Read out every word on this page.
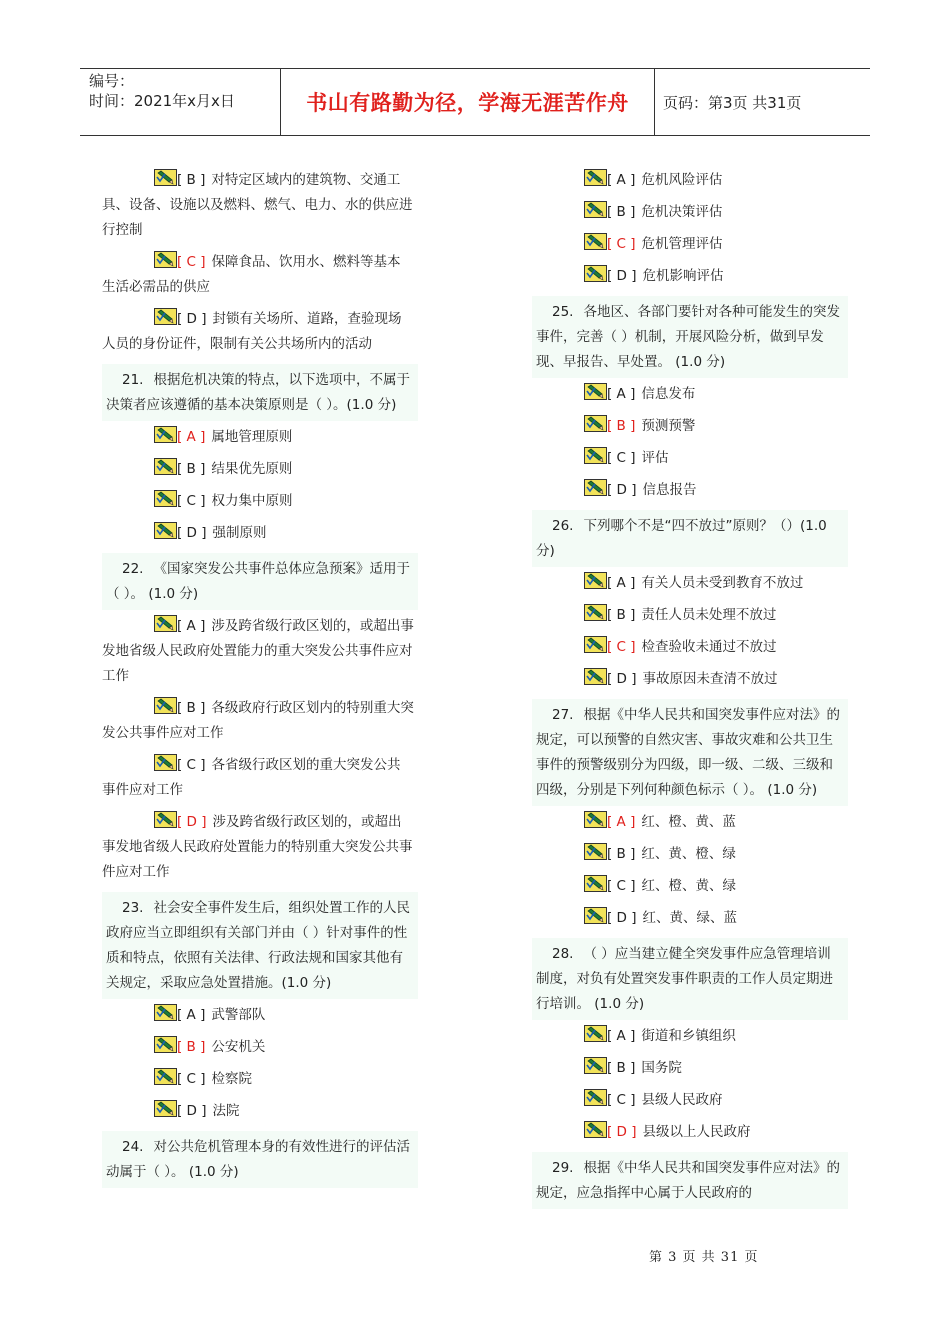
编号：
时间：2021年x月x日	书山有路勤为径，学海无涯苦作舟	页码：第3页 共31页
[ B ] 对特定区域内的建筑物、交通工具、设备、设施以及燃料、燃气、电力、水的供应进行控制
[ C ] 保障食品、饮用水、燃料等基本生活必需品的供应
[ D ] 封锁有关场所、道路，查验现场人员的身份证件，限制有关公共场所内的活动
21. 根据危机决策的特点，以下选项中，不属于决策者应该遵循的基本决策原则是（ ）。(1.0 分)
[ A ] 属地管理原则
[ B ] 结果优先原则
[ C ] 权力集中原则
[ D ] 强制原则
22. 《国家突发公共事件总体应急预案》适用于（ ）。 (1.0 分)
[ A ] 涉及跨省级行政区划的，或超出事发地省级人民政府处置能力的重大突发公共事件应对工作
[ B ] 各级政府行政区划内的特别重大突发公共事件应对工作
[ C ] 各省级行政区划的重大突发公共事件应对工作
[ D ] 涉及跨省级行政区划的，或超出事发地省级人民政府处置能力的特别重大突发公共事件应对工作
23. 社会安全事件发生后，组织处置工作的人民政府应当立即组织有关部门并由（ ）针对事件的性质和特点，依照有关法律、行政法规和国家其他有关规定，采取应急处置措施。(1.0 分)
[ A ] 武警部队
[ B ] 公安机关
[ C ] 检察院
[ D ] 法院
24. 对公共危机管理本身的有效性进行的评估活动属于（ ）。 (1.0 分)
[ A ] 危机风险评估
[ B ] 危机决策评估
[ C ] 危机管理评估
[ D ] 危机影响评估
25. 各地区、各部门要针对各种可能发生的突发事件，完善（ ）机制，开展风险分析，做到早发现、早报告、早处置。 (1.0 分)
[ A ] 信息发布
[ B ] 预测预警
[ C ] 评估
[ D ] 信息报告
26. 下列哪个不是“四不放过”原则？（）(1.0 分)
[ A ] 有关人员未受到教育不放过
[ B ] 责任人员未处理不放过
[ C ] 检查验收未通过不放过
[ D ] 事故原因未查清不放过
27. 根据《中华人民共和国突发事件应对法》的规定，可以预警的自然灾害、事故灾难和公共卫生事件的预警级别分为四级，即一级、二级、三级和四级，分别是下列何种颜色标示（ ）。 (1.0 分)
[ A ] 红、橙、黄、蓝
[ B ] 红、黄、橙、绿
[ C ] 红、橙、黄、绿
[ D ] 红、黄、绿、蓝
28. （ ）应当建立健全突发事件应急管理培训制度，对负有处置突发事件职责的工作人员定期进行培训。 (1.0 分)
[ A ] 街道和乡镇组织
[ B ] 国务院
[ C ] 县级人民政府
[ D ] 县级以上人民政府
29. 根据《中华人民共和国突发事件应对法》的规定，应急指挥中心属于人民政府的
第 3 页 共 31 页
